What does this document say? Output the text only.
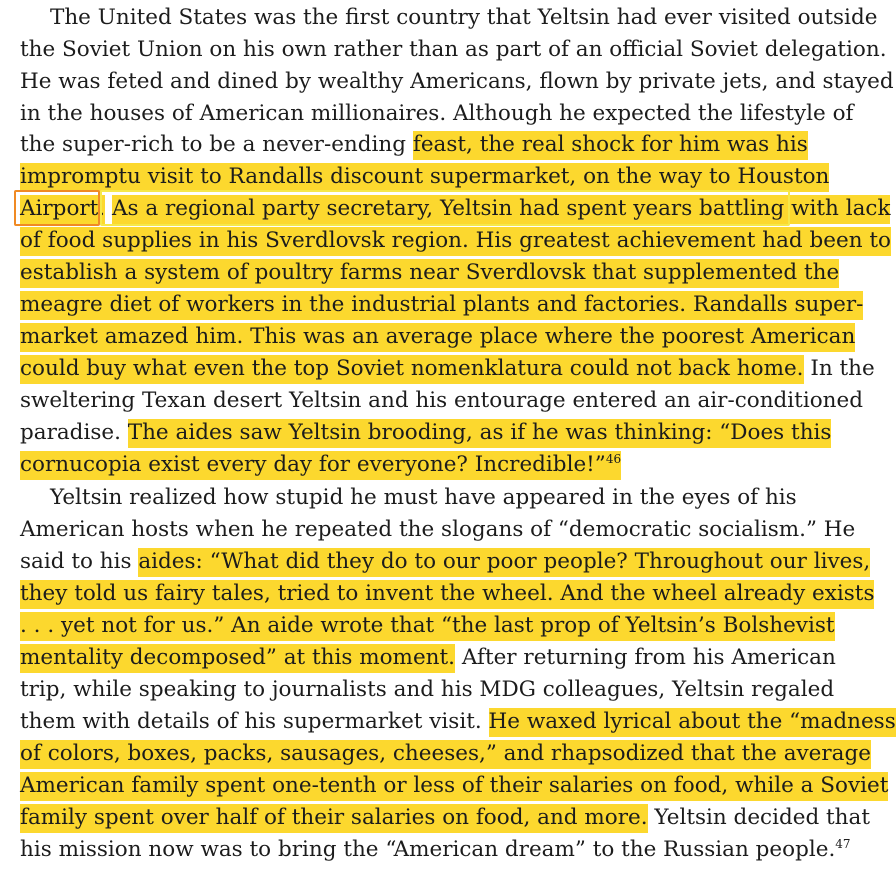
The United States was the first country that Yeltsin had ever visited outside
the Soviet Union on his own rather than as part of an official Soviet delegation.
He was feted and dined by wealthy Americans, flown by private jets, and stayed
in the houses of American millionaires. Although he expected the lifestyle of
the super-rich to be a never-ending feast, the real shock for him was his
impromptu visit to Randalls discount supermarket, on the way to Houston
Airport. As a regional party secretary, Yeltsin had spent years battling with lack
of food supplies in his Sverdlovsk region. His greatest achievement had been to
establish a system of poultry farms near Sverdlovsk that supplemented the
meagre diet of workers in the industrial plants and factories. Randalls super-
market amazed him. This was an average place where the poorest American
could buy what even the top Soviet nomenklatura could not back home. In the
sweltering Texan desert Yeltsin and his entourage entered an air-conditioned
paradise. The aides saw Yeltsin brooding, as if he was thinking: “Does this
cornucopia exist every day for everyone? Incredible!”$^{46}$
Yeltsin realized how stupid he must have appeared in the eyes of his
American hosts when he repeated the slogans of “democratic socialism.” He
said to his aides: “What did they do to our poor people? Throughout our lives,
they told us fairy tales, tried to invent the wheel. And the wheel already exists
. . . yet not for us.” An aide wrote that “the last prop of Yeltsin’s Bolshevist
mentality decomposed” at this moment. After returning from his American
trip, while speaking to journalists and his MDG colleagues, Yeltsin regaled
them with details of his supermarket visit. He waxed lyrical about the “madness
of colors, boxes, packs, sausages, cheeses,” and rhapsodized that the average
American family spent one-tenth or less of their salaries on food, while a Soviet
family spent over half of their salaries on food, and more. Yeltsin decided that
his mission now was to bring the “American dream” to the Russian people.$^{47}$
